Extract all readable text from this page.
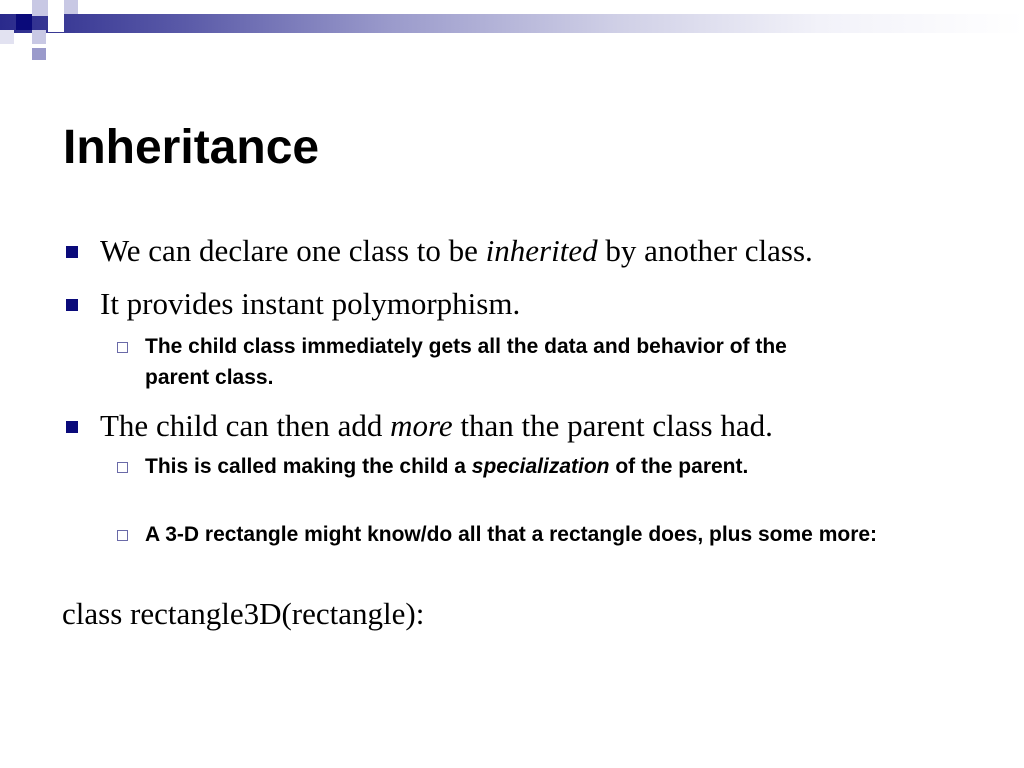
Inheritance
We can declare one class to be inherited by another class.
It provides instant polymorphism.
The child class immediately gets all the data and behavior of the parent class.
The child can then add more than the parent class had.
This is called making the child a specialization of the parent.
A 3-D rectangle might know/do all that a rectangle does, plus some more:
class rectangle3D(rectangle):
